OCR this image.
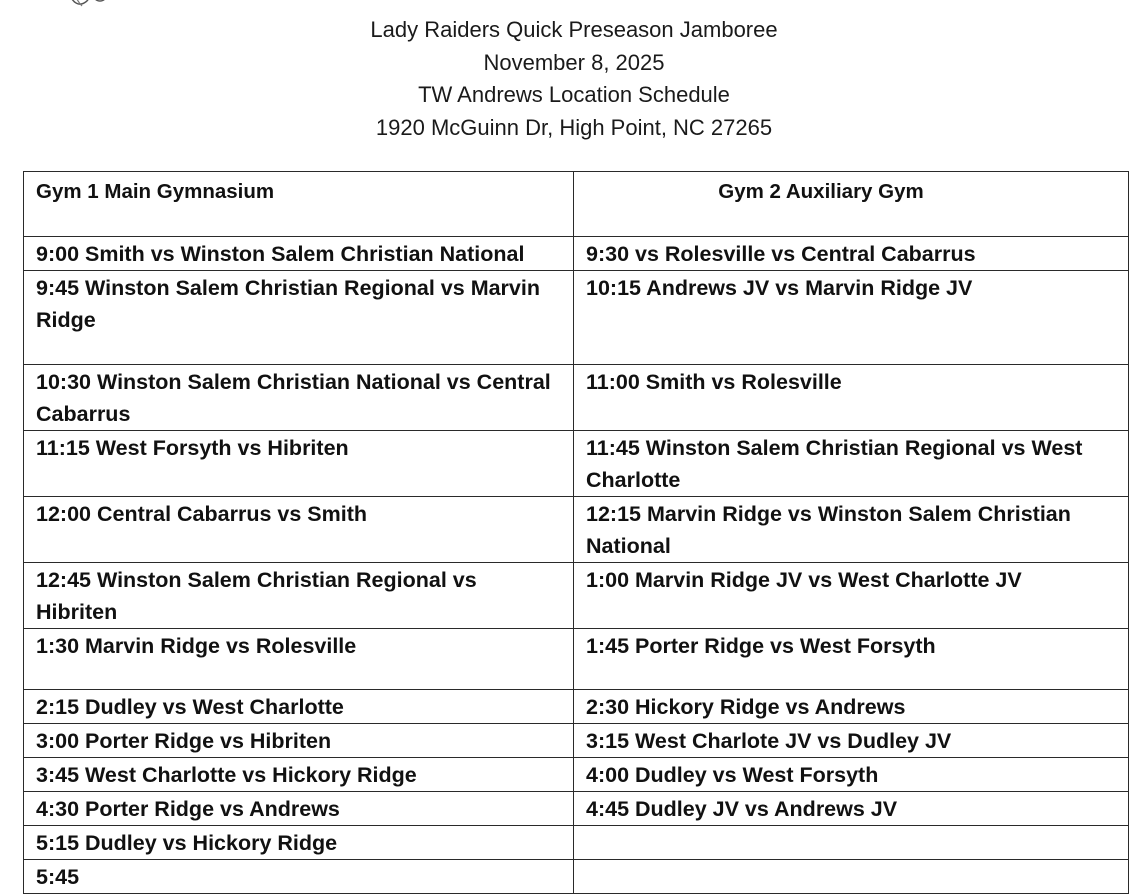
Lady Raiders Quick Preseason Jamboree
November 8, 2025
TW Andrews Location Schedule
1920 McGuinn Dr, High Point, NC 27265
Gym 1 Main Gymnasium	Gym 2 Auxiliary Gym
9:00 Smith vs Winston Salem Christian National	9:30 vs Rolesville vs Central Cabarrus
9:45 Winston Salem Christian Regional vs Marvin Ridge	10:15 Andrews JV vs Marvin Ridge JV
10:30 Winston Salem Christian National vs Central Cabarrus	11:00 Smith vs Rolesville
11:15 West Forsyth vs Hibriten	11:45 Winston Salem Christian Regional vs West Charlotte
12:00 Central Cabarrus vs Smith	12:15 Marvin Ridge vs Winston Salem Christian National
12:45 Winston Salem Christian Regional vs Hibriten	1:00 Marvin Ridge JV vs West Charlotte JV
1:30 Marvin Ridge vs Rolesville	1:45 Porter Ridge vs West Forsyth
2:15 Dudley vs West Charlotte	2:30 Hickory Ridge vs Andrews
3:00 Porter Ridge vs Hibriten	3:15 West Charlote JV vs Dudley JV
3:45 West Charlotte vs Hickory Ridge	4:00 Dudley vs West Forsyth
4:30 Porter Ridge vs Andrews	4:45 Dudley JV vs Andrews JV
5:15 Dudley vs Hickory Ridge	
5:45	
